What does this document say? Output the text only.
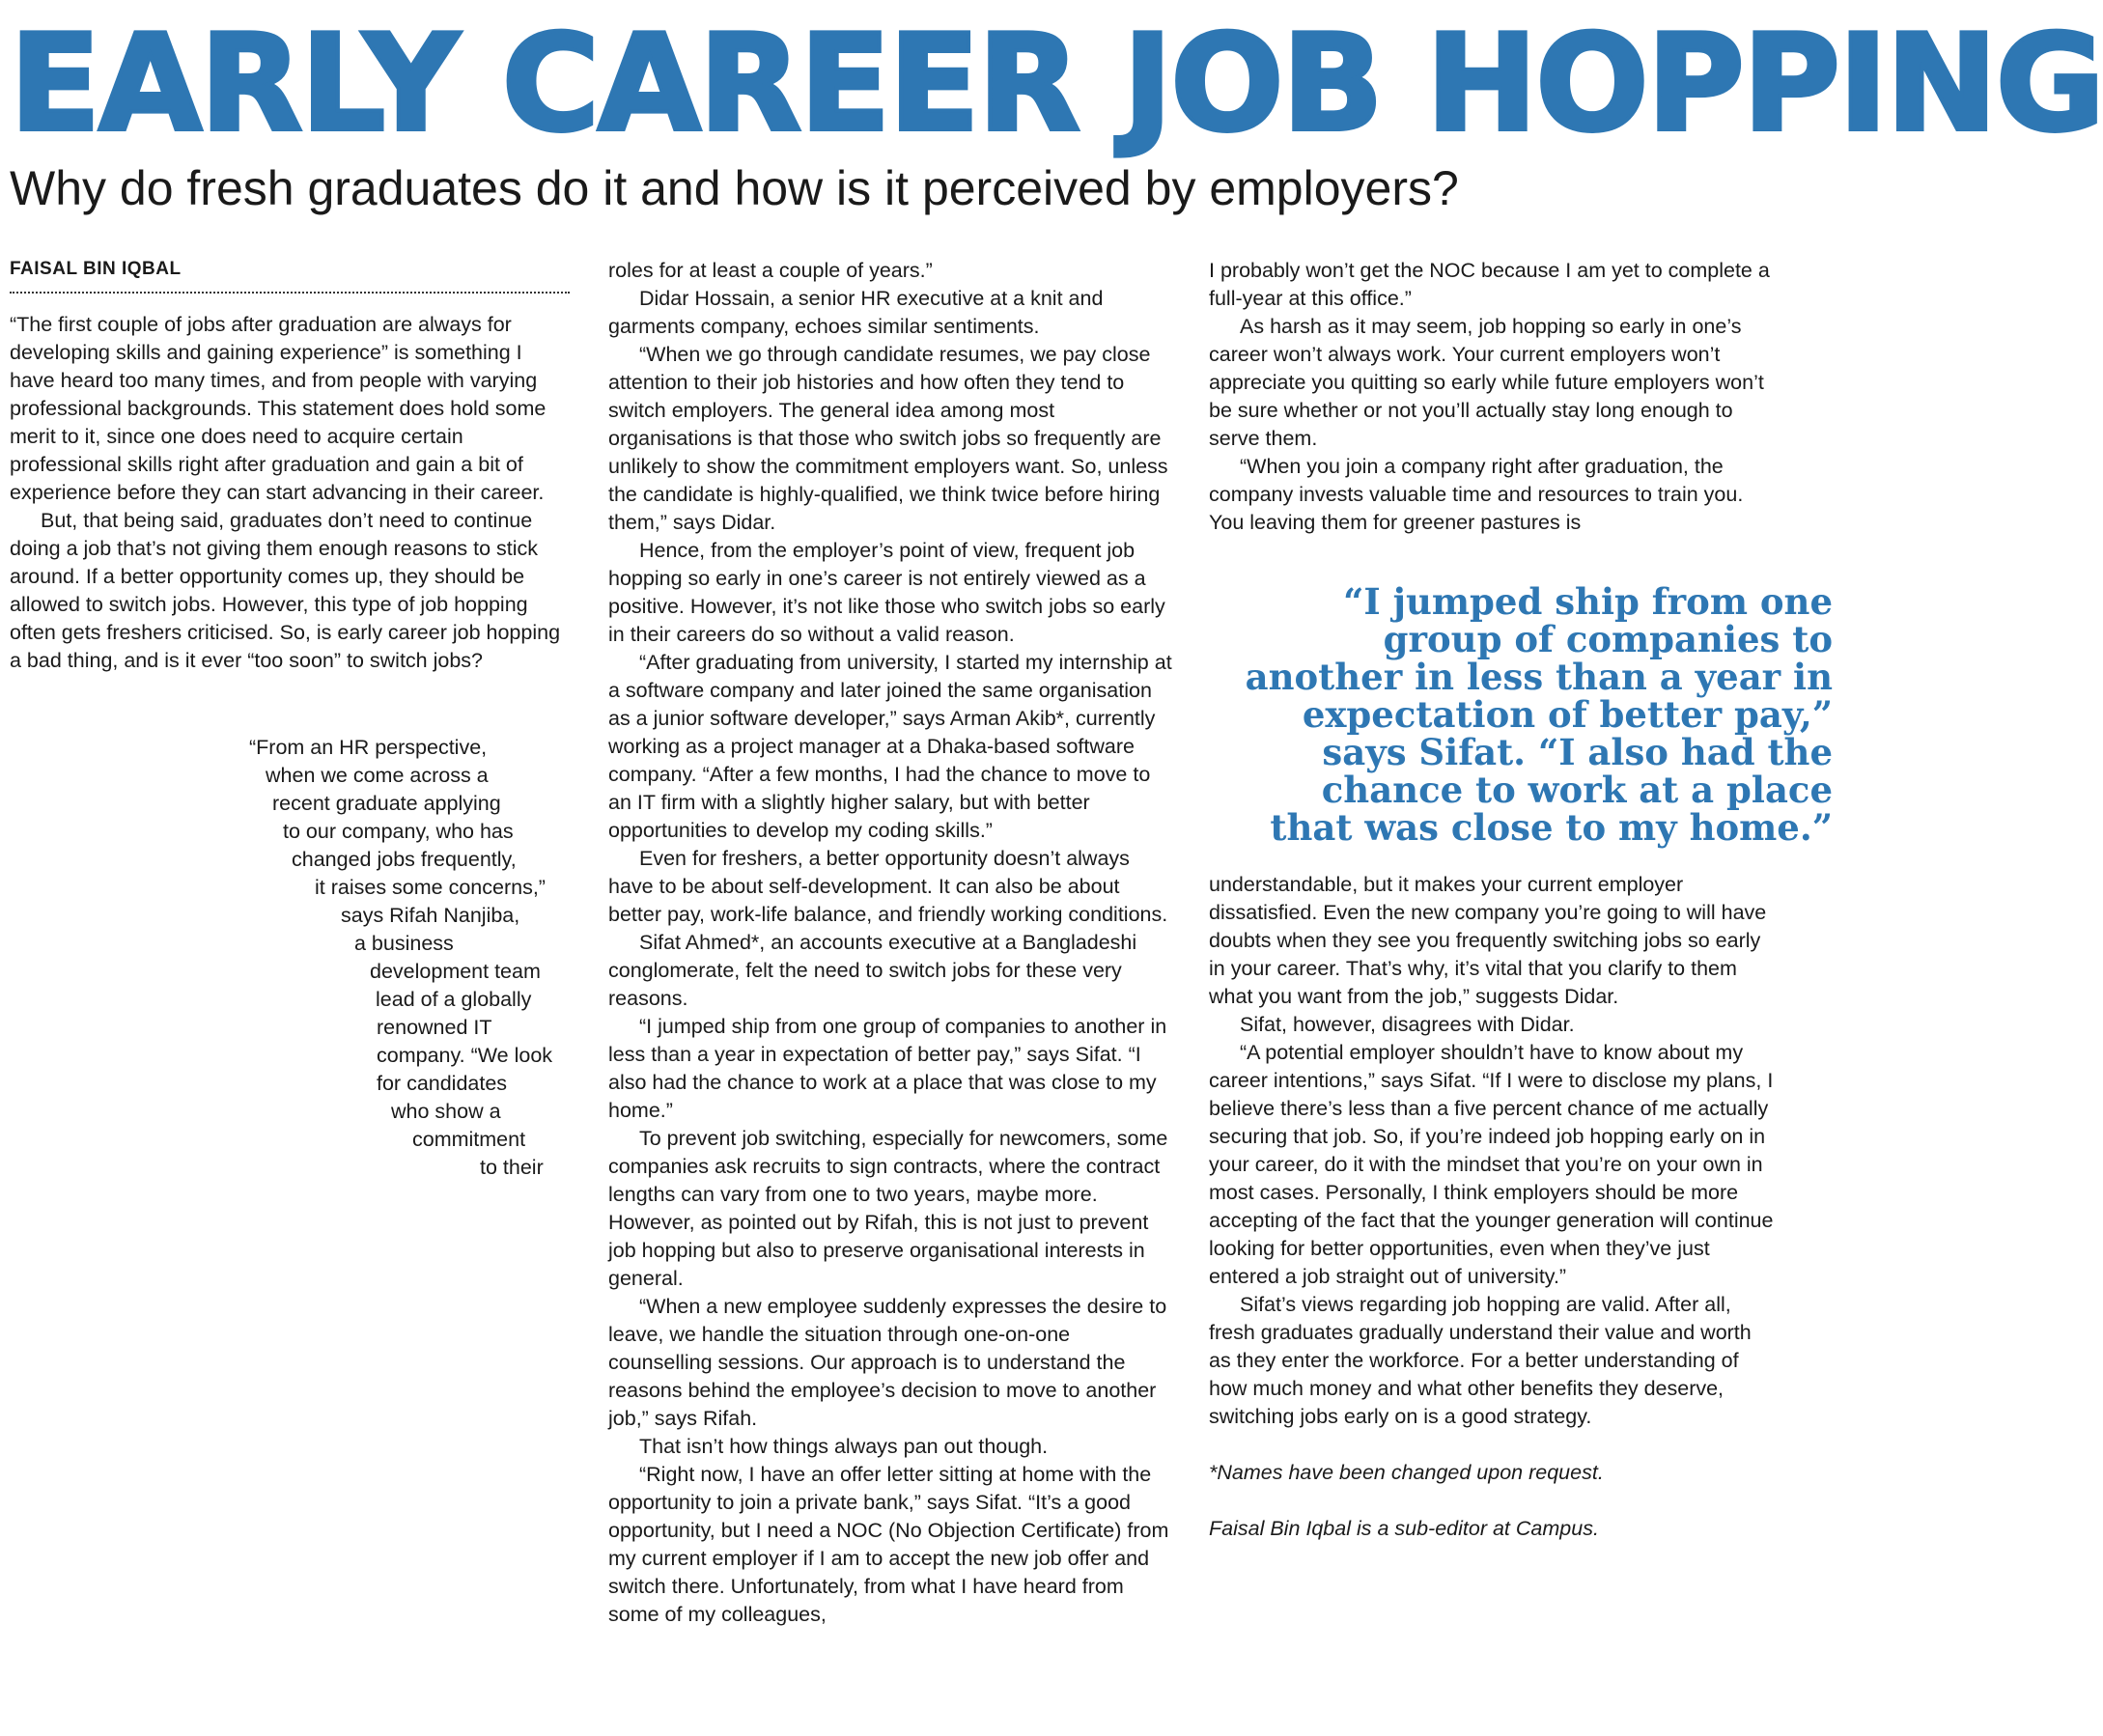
EARLY CAREER JOB HOPPING
Why do fresh graduates do it and how is it perceived by employers?
FAISAL BIN IQBAL

“The first couple of jobs after graduation are always for developing skills and gaining experience” is something I have heard too many times, and from people with varying professional backgrounds. This statement does hold some merit to it, since one does need to acquire certain professional skills right after graduation and gain a bit of experience before they can start advancing in their career.

But, that being said, graduates don’t need to continue doing a job that’s not giving them enough reasons to stick around. If a better opportunity comes up, they should be allowed to switch jobs. However, this type of job hopping often gets freshers criticised. So, is early career job hopping a bad thing, and is it ever “too soon” to switch jobs?

“From an HR perspective,
when we come across a
recent graduate applying
to our company, who has
changed jobs frequently,
it raises some concerns,”
says Rifah Nanjiba,
a business
development team
lead of a globally
renowned IT
company. “We look
for candidates
who show a
commitment
to their

roles for at least a couple of years.”

Didar Hossain, a senior HR executive at a knit and garments company, echoes similar sentiments.

“When we go through candidate resumes, we pay close attention to their job histories and how often they tend to switch employers. The general idea among most organisations is that those who switch jobs so frequently are unlikely to show the commitment employers want. So, unless the candidate is highly-qualified, we think twice before hiring them,” says Didar.

Hence, from the employer’s point of view, frequent job hopping so early in one’s career is not entirely viewed as a positive. However, it’s not like those who switch jobs so early in their careers do so without a valid reason.

“After graduating from university, I started my internship at a software company and later joined the same organisation as a junior software developer,” says Arman Akib*, currently working as a project manager at a Dhaka-based software company. “After a few months, I had the chance to move to an IT firm with a slightly higher salary, but with better opportunities to develop my coding skills.”

Even for freshers, a better opportunity doesn’t always have to be about self-development. It can also be about better pay, work-life balance, and friendly working conditions.

Sifat Ahmed*, an accounts executive at a Bangladeshi conglomerate, felt the need to switch jobs for these very reasons.

“I jumped ship from one group of companies to another in less than a year in expectation of better pay,” says Sifat. “I also had the chance to work at a place that was close to my home.”

To prevent job switching, especially for newcomers, some companies ask recruits to sign contracts, where the contract lengths can vary from one to two years, maybe more. However, as pointed out by Rifah, this is not just to prevent job hopping but also to preserve organisational interests in general.

“When a new employee suddenly expresses the desire to leave, we handle the situation through one-on-one counselling sessions. Our approach is to understand the reasons behind the employee’s decision to move to another job,” says Rifah.

That isn’t how things always pan out though.

“Right now, I have an offer letter sitting at home with the opportunity to join a private bank,” says Sifat. “It’s a good opportunity, but I need a NOC (No Objection Certificate) from my current employer if I am to accept the new job offer and switch there. Unfortunately, from what I have heard from some of my colleagues,

I probably won’t get the NOC because I am yet to complete a full-year at this office.”

As harsh as it may seem, job hopping so early in one’s career won’t always work. Your current employers won’t appreciate you quitting so early while future employers won’t be sure whether or not you’ll actually stay long enough to serve them.

“When you join a company right after graduation, the company invests valuable time and resources to train you. You leaving them for greener pastures is

“I jumped ship from one group of companies to another in less than a year in expectation of better pay,” says Sifat. “I also had the chance to work at a place that was close to my home.”

understandable, but it makes your current employer dissatisfied. Even the new company you’re going to will have doubts when they see you frequently switching jobs so early in your career. That’s why, it’s vital that you clarify to them what you want from the job,” suggests Didar.

Sifat, however, disagrees with Didar.

“A potential employer shouldn’t have to know about my career intentions,” says Sifat. “If I were to disclose my plans, I believe there’s less than a five percent chance of me actually securing that job. So, if you’re indeed job hopping early on in your career, do it with the mindset that you’re on your own in most cases. Personally, I think employers should be more accepting of the fact that the younger generation will continue looking for better opportunities, even when they’ve just entered a job straight out of university.”

Sifat’s views regarding job hopping are valid. After all, fresh graduates gradually understand their value and worth as they enter the workforce. For a better understanding of how much money and what other benefits they deserve, switching jobs early on is a good strategy.

*Names have been changed upon request.

Faisal Bin Iqbal is a sub-editor at Campus.
